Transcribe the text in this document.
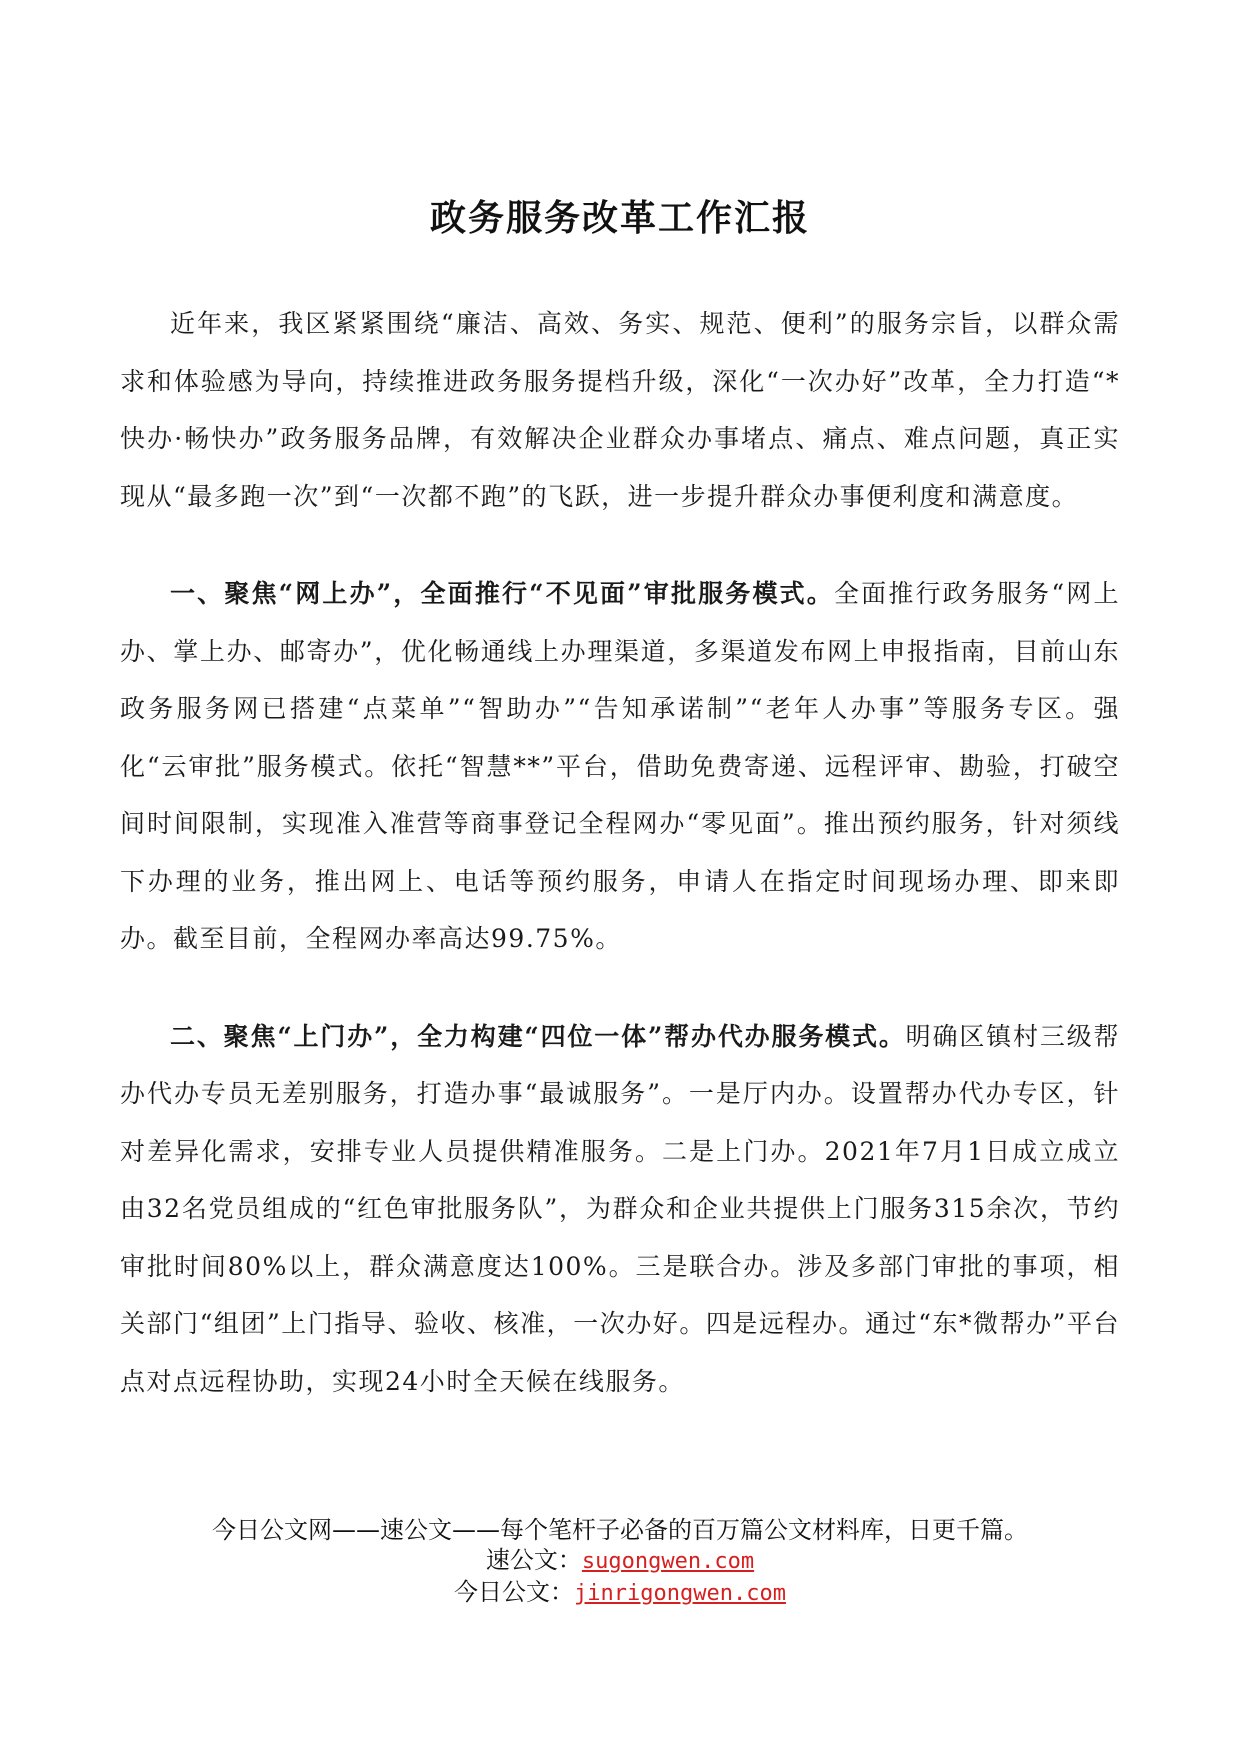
政务服务改革工作汇报

近年来，我区紧紧围绕“廉洁、高效、务实、规范、便利”的服务宗旨，以群众需求和体验感为导向，持续推进政务服务提档升级，深化“一次办好”改革，全力打造“*快办·畅快办”政务服务品牌，有效解决企业群众办事堵点、痛点、难点问题，真正实现从“最多跑一次”到“一次都不跑”的飞跃，进一步提升群众办事便利度和满意度。

一、聚焦“网上办”，全面推行“不见面”审批服务模式。全面推行政务服务“网上办、掌上办、邮寄办”，优化畅通线上办理渠道，多渠道发布网上申报指南，目前山东政务服务网已搭建“点菜单”“智助办”“告知承诺制”“老年人办事”等服务专区。强化“云审批”服务模式。依托“智慧**”平台，借助免费寄递、远程评审、勘验，打破空间时间限制，实现准入准营等商事登记全程网办“零见面”。推出预约服务，针对须线下办理的业务，推出网上、电话等预约服务，申请人在指定时间现场办理、即来即办。截至目前，全程网办率高达99.75%。

二、聚焦“上门办”，全力构建“四位一体”帮办代办服务模式。明确区镇村三级帮办代办专员无差别服务，打造办事“最诚服务”。一是厅内办。设置帮办代办专区，针对差异化需求，安排专业人员提供精准服务。二是上门办。2021年7月1日成立成立由32名党员组成的“红色审批服务队”，为群众和企业共提供上门服务315余次，节约审批时间80%以上，群众满意度达100%。三是联合办。涉及多部门审批的事项，相关部门“组团”上门指导、验收、核准，一次办好。四是远程办。通过“东*微帮办”平台点对点远程协助，实现24小时全天候在线服务。

今日公文网——速公文——每个笔杆子必备的百万篇公文材料库，日更千篇。

速公文：sugongwen.com

今日公文：jinrigongwen.com
